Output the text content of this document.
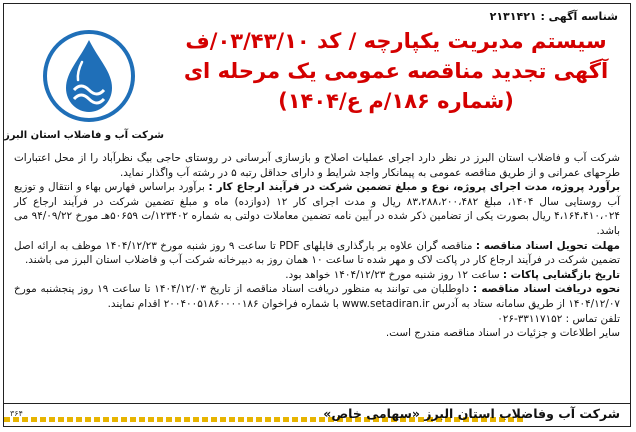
شناسه آگهی : ۲۱۳۱۴۲۱
شرکت آب و فاضلاب استان البرز
سیستم مدیریت یکپارچه / کد ۰۳/۴۳/۱۰/ف
آگهی تجدید مناقصه عمومی یک مرحله ای
(شماره ۱۸۶/م ع/۱۴۰۴)

شرکت آب و فاضلاب استان البرز در نظر دارد اجرای عملیات اصلاح و بازسازی آبرسانی در روستای حاجی بیگ نظرآباد را از محل اعتبارات طرحهای عمرانی و از طریق مناقصه عمومی به پیمانکار واجد شرایط و دارای حداقل رتبه ۵ در رشته آب واگذار نماید.

برآورد پروژه، مدت اجرای پروژه، نوع و مبلغ تضمین شرکت در فرآیند ارجاع کار : برآورد براساس فهارس بهاء و انتقال و توزیع آب روستایی سال ۱۴۰۴، مبلغ ۸۳،۲۸۸،۲۰۰،۴۸۲ ریال و مدت اجرای کار ۱۲ (دوازده) ماه و مبلغ تضمین شرکت در فرآیند ارجاع کار ۴،۱۶۴،۴۱۰،۰۲۴ ریال بصورت یکی از تضامین ذکر شده در آیین نامه تضمین معاملات دولتی به شماره ۱۲۳۴۰۲/ت ۵۰۶۵۹هـ مورخ ۹۴/۰۹/۲۲ می باشد.

مهلت تحویل اسناد مناقصه : مناقصه گران علاوه بر بارگذاری فایلهای PDF تا ساعت ۹ روز شنبه مورخ ۱۴۰۴/۱۲/۲۳ موظف به ارائه اصل تضمین شرکت در فرآیند ارجاع کار در پاکت لاک و مهر شده تا ساعت ۱۰ همان روز به دبیرخانه شرکت آب و فاضلاب استان البرز می باشند.

تاریخ بازگشایی پاکات : ساعت ۱۲ روز شنبه مورخ ۱۴۰۴/۱۲/۲۳ خواهد بود.

نحوه دریافت اسناد مناقصه : داوطلبان می توانند به منظور دریافت اسناد مناقصه از تاریخ ۱۴۰۴/۱۲/۰۳ تا ساعت ۱۹ روز پنجشنبه مورخ ۱۴۰۴/۱۲/۰۷ از طریق سامانه ستاد به آدرس www.setadiran.ir با شماره فراخوان ۲۰۰۴۰۰۵۱۸۶۰۰۰۰۱۸۶ اقدام نمایند.

تلفن تماس : ۳۳۱۱۷۱۵۲-۰۲۶

سایر اطلاعات و جزئیات در اسناد مناقصه مندرج است.

شرکت آب وفاضلاب استان البرز «سهامی خاص»
۳۶۴
